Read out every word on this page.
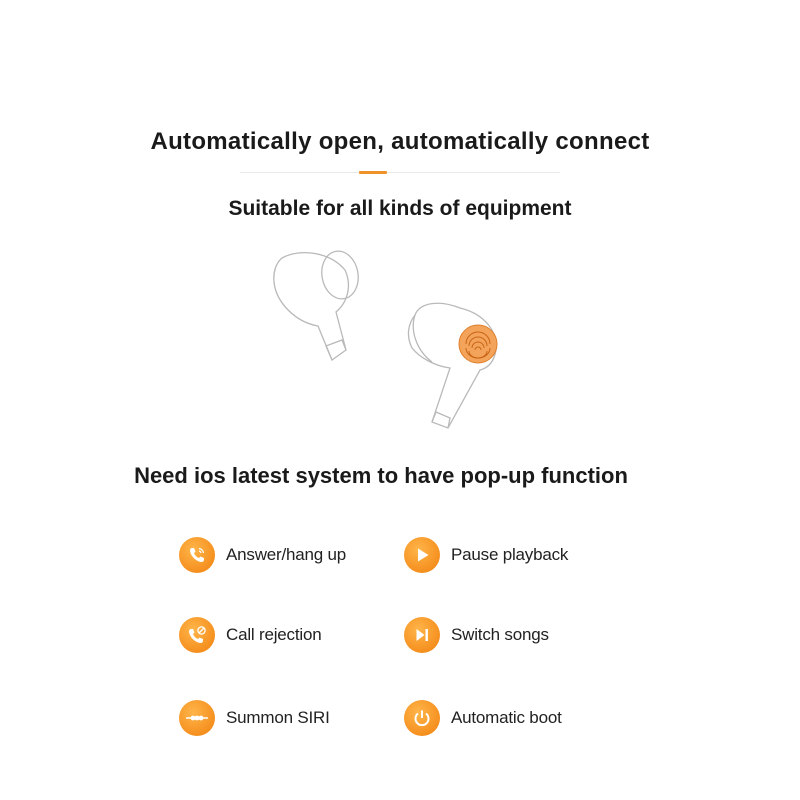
Automatically open, automatically connect
Suitable for all kinds of equipment
Need ios latest system to have pop-up function
Answer/hang up	Pause playback
Call rejection	Switch songs
Summon SIRI	Automatic boot
